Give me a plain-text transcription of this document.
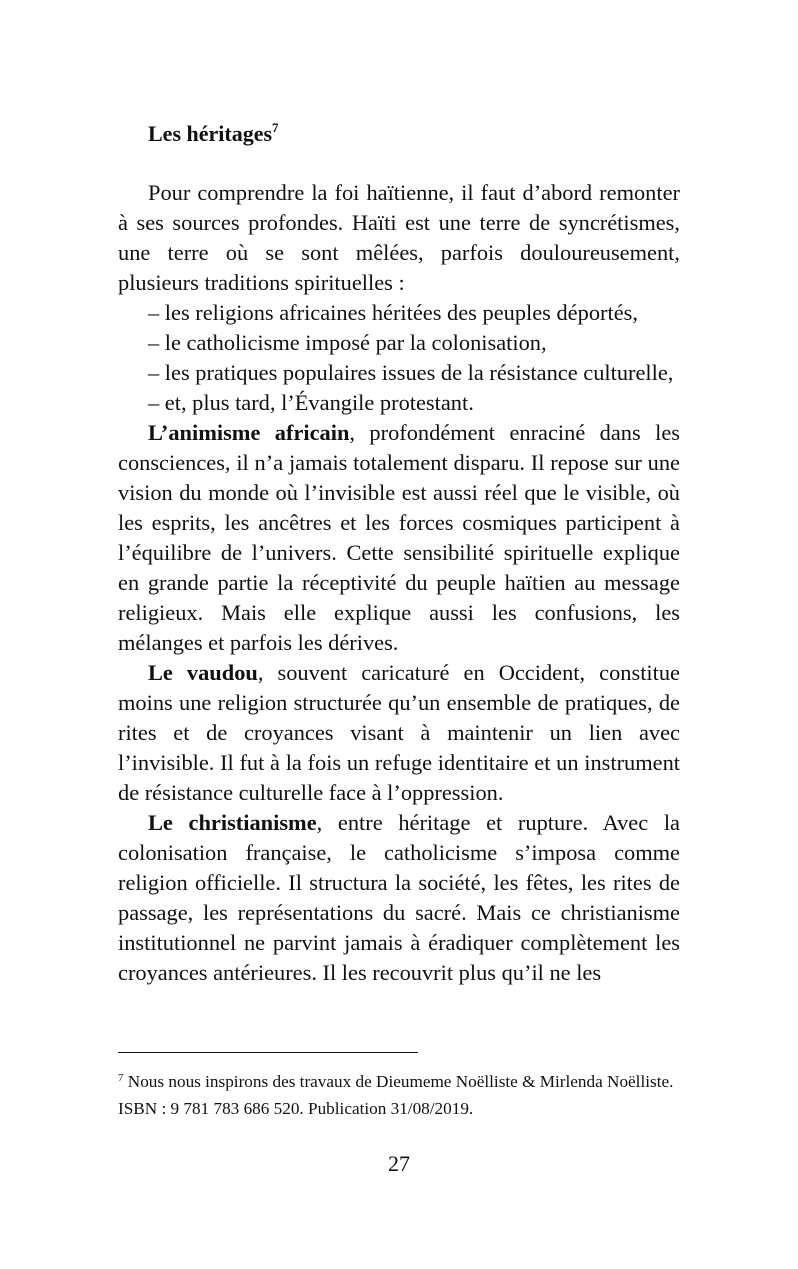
Les héritages$^7$

Pour comprendre la foi haïtienne, il faut d’abord remonter à ses sources profondes. Haïti est une terre de syncrétismes, une terre où se sont mêlées, parfois douloureusement, plusieurs traditions spirituelles :

– les religions africaines héritées des peuples déportés,

– le catholicisme imposé par la colonisation,

– les pratiques populaires issues de la résistance culturelle,

– et, plus tard, l’Évangile protestant.

L’animisme africain, profondément enraciné dans les consciences, il n’a jamais totalement disparu. Il repose sur une vision du monde où l’invisible est aussi réel que le visible, où les esprits, les ancêtres et les forces cosmiques participent à l’équilibre de l’univers. Cette sensibilité spirituelle explique en grande partie la réceptivité du peuple haïtien au message religieux. Mais elle explique aussi les confusions, les mélanges et parfois les dérives.

Le vaudou, souvent caricaturé en Occident, constitue moins une religion structurée qu’un ensemble de pratiques, de rites et de croyances visant à maintenir un lien avec l’invisible. Il fut à la fois un refuge identitaire et un instrument de résistance culturelle face à l’oppression.

Le christianisme, entre héritage et rupture. Avec la colonisation française, le catholicisme s’imposa comme religion officielle. Il structura la société, les fêtes, les rites de passage, les représentations du sacré. Mais ce christianisme institutionnel ne parvint jamais à éradiquer complètement les croyances antérieures. Il les recouvrit plus qu’il ne les

$^7$ Nous nous inspirons des travaux de Dieumeme Noëlliste & Mirlenda Noëlliste. ISBN : 9 781 783 686 520. Publication 31/08/2019.
27
